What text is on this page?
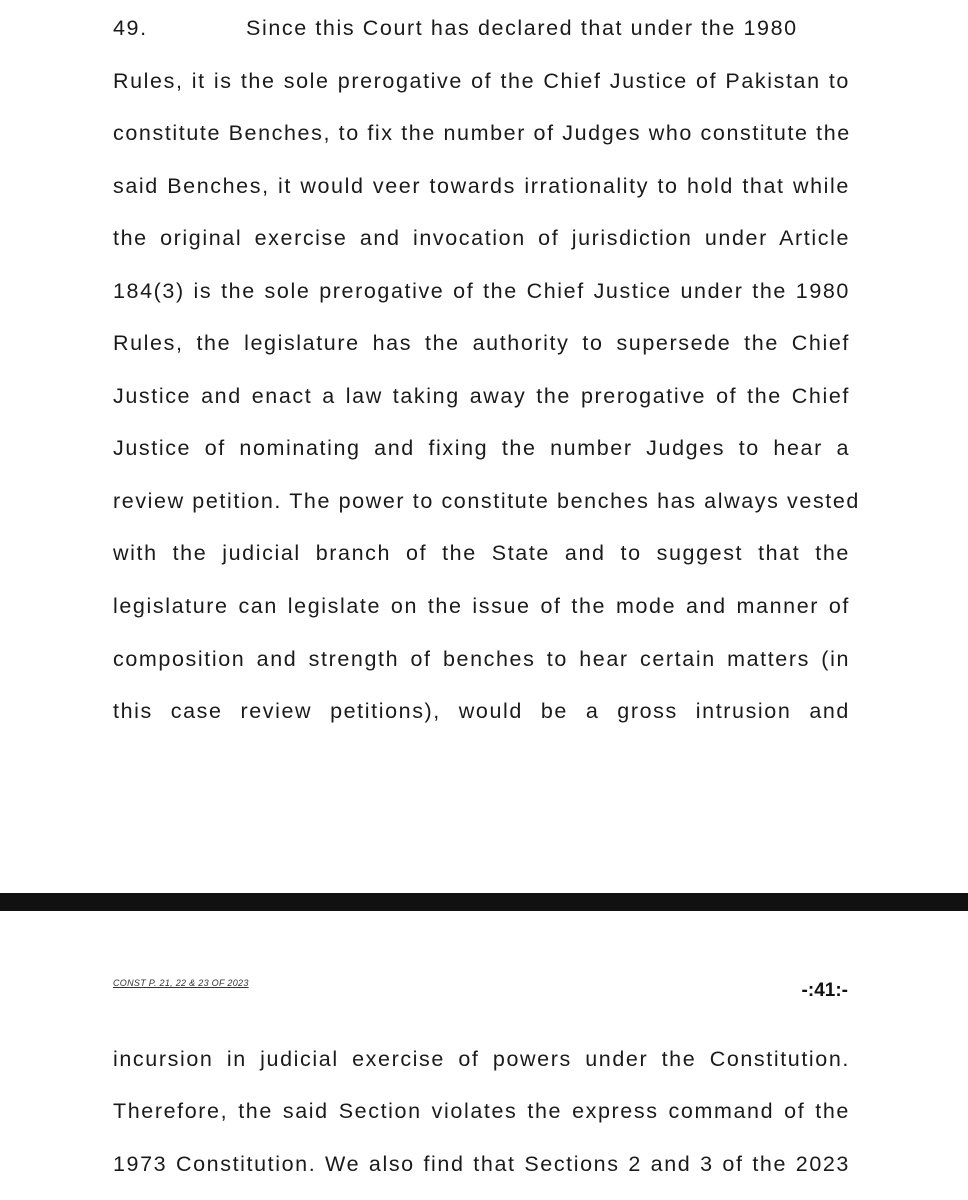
49.	Since this Court has declared that under the 1980
Rules, it is the sole prerogative of the Chief Justice of Pakistan to
constitute Benches, to fix the number of Judges who constitute the
said Benches, it would veer towards irrationality to hold that while
the original exercise and invocation of jurisdiction under Article
184(3) is the sole prerogative of the Chief Justice under the 1980
Rules, the legislature has the authority to supersede the Chief
Justice and enact a law taking away the prerogative of the Chief
Justice of nominating and fixing the number Judges to hear a
review petition. The power to constitute benches has always vested
with the judicial branch of the State and to suggest that the
legislature can legislate on the issue of the mode and manner of
composition and strength of benches to hear certain matters (in
this case review petitions), would be a gross intrusion and
CONST P. 21, 22 & 23 OF 2023	-:41:-
incursion in judicial exercise of powers under the Constitution.
Therefore, the said Section violates the express command of the
1973 Constitution. We also find that Sections 2 and 3 of the 2023
